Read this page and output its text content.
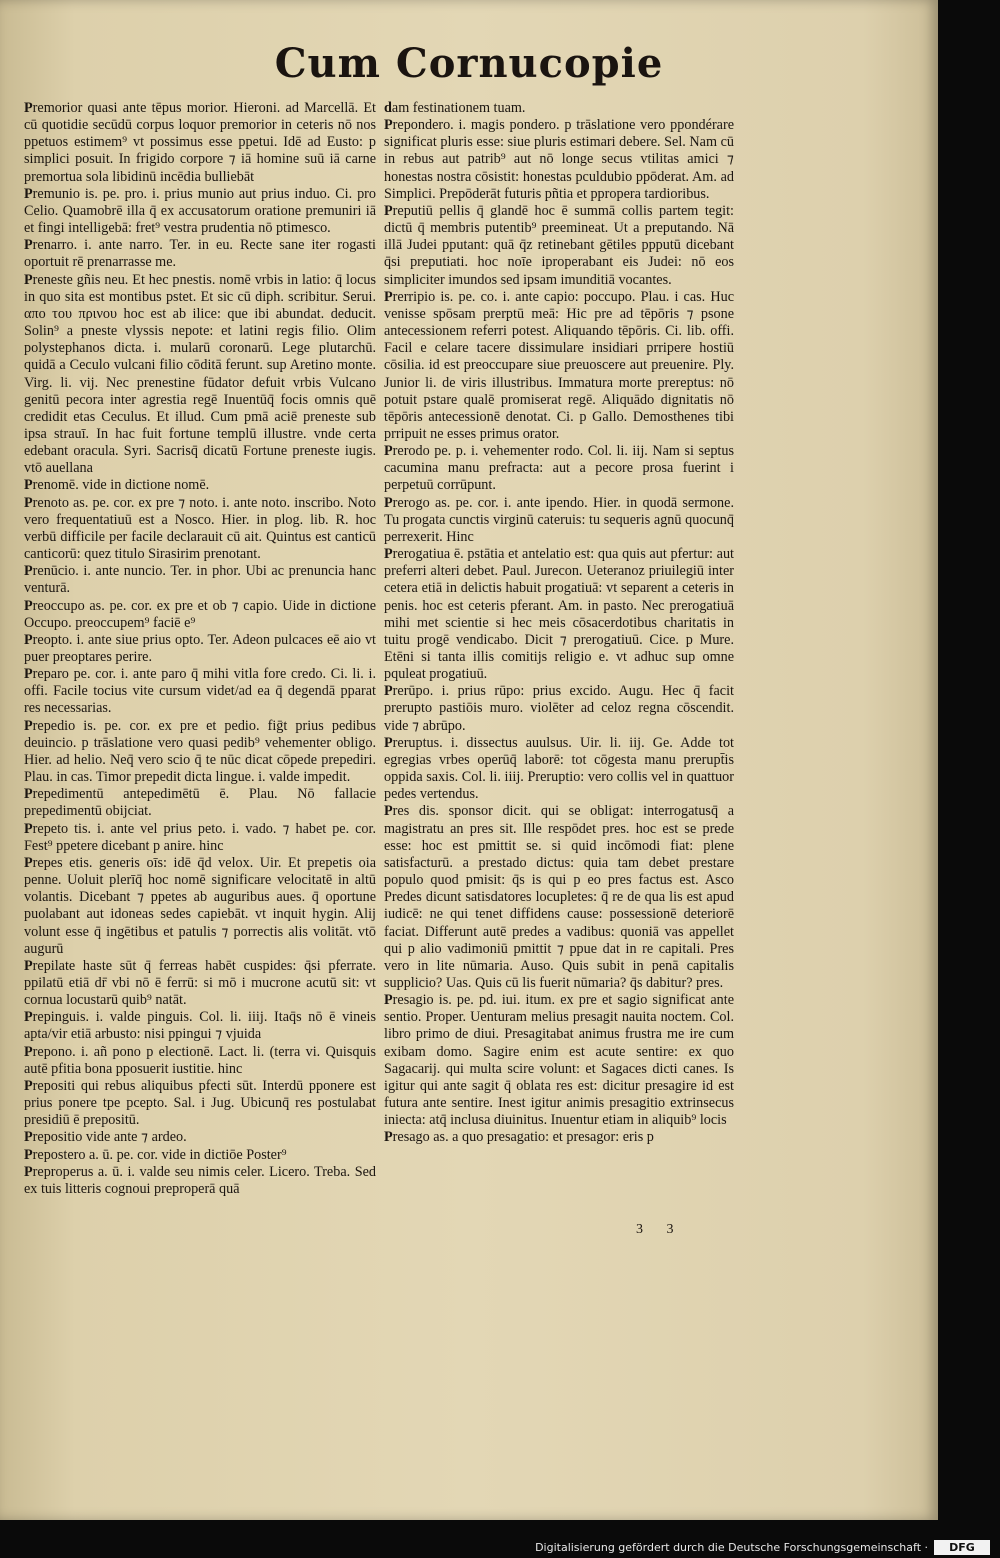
Cum Cornucopie

Premorior quasi ante tēpus morior. Hieroni. ad Marcellā. Et cū quotidie secūdū corpus loquor premorior in ceteris nō nos ppetuos estimem⁹ vt possimus esse ppetui. Idē ad Eusto: p simplici posuit. In frigido corpore ⁊ iā homine suū iā carne premortua sola libidinū incēdia bulliebāt

Premunio is. pe. pro. i. prius munio aut prius induo. Ci. pro Celio. Quamobrē illa q̄ ex accusatorum oratione premuniri iā et fingi intelligebā: fret⁹ vestra prudentia nō ptimesco.

Prenarro. i. ante narro. Ter. in eu. Recte sane iter rogasti oportuit rē prenarrasse me.

Preneste gñis neu. Et hec pnestis. nomē vrbis in latio: q̄ locus in quo sita est montibus pstet. Et sic cū diph. scribitur. Serui. απο του πρινου hoc est ab ilice: que ibi abundat. deducit. Solin⁹ a pneste vlyssis nepote: et latini regis filio. Olim polystephanos dicta. i. mularū coronarū. Lege plutarchū. quidā a Ceculo vulcani filio cōditā ferunt. sup Aretino monte. Virg. li. vij. Nec prenestine fūdator defuit vrbis Vulcano genitū pecora inter agrestia regē Inuentūq̄ focis omnis quē credidit etas Ceculus. Et illud. Cum pmā aciē preneste sub ipsa strauī. In hac fuit fortune templū illustre. vnde certa edebant oracula. Syri. Sacrisq̄ dicatū Fortune preneste iugis. vtō auellana

Prenomē. vide in dictione nomē.

Prenoto as. pe. cor. ex pre ⁊ noto. i. ante noto. inscribo. Noto vero frequentatiuū est a Nosco. Hier. in plog. lib. R. hoc verbū difficile per facile declarauit cū ait. Quintus est canticū canticorū: quez titulo Sirasirim prenotant.

Prenūcio. i. ante nuncio. Ter. in phor. Ubi ac prenuncia hanc venturā.

Preoccupo as. pe. cor. ex pre et ob ⁊ capio. Uide in dictione Occupo. preoccupem⁹ faciē e⁹

Preopto. i. ante siue prius opto. Ter. Adeon pulcaces eē aio vt puer preoptares perire.

Preparo pe. cor. i. ante paro q̄ mihi vitla fore credo. Ci. li. i. offi. Facile tocius vite cursum videt/ad ea q̄ degendā pparat res necessarias.

Prepedio is. pe. cor. ex pre et pedio. fiḡt prius pedibus deuincio. p trāslatione vero quasi pedib⁹ vehementer obligo. Hier. ad helio. Neq̄ vero scio q̄ te nūc dicat cōpede prepediri. Plau. in cas. Timor prepedit dicta lingue. i. valde impedit.

Prepedimentū antepedimētū ē. Plau. Nō fallacie prepedimentū obijciat.

Prepeto tis. i. ante vel prius peto. i. vado. ⁊ habet pe. cor. Fest⁹ ppetere dicebant p anire. hinc

Prepes etis. generis oīs: idē q̄d velox. Uir. Et prepetis oia penne. Uoluit plerīq̄ hoc nomē significare velocitatē in altū volantis. Dicebant ⁊ ppetes ab auguribus aues. q̄ oportune puolabant aut idoneas sedes capiebāt. vt inquit hygin. Alij volunt esse q̄ ingētibus et patulis ⁊ porrectis alis volitāt. vtō augurū

Prepilate haste sūt q̄ ferreas habēt cuspides: q̄si pferrate. ppilatū etiā dr̄ vbi nō ē ferrū: si mō i mucrone acutū sit: vt cornua locustarū quib⁹ natāt.

Prepinguis. i. valde pinguis. Col. li. iiij. Itaq̄s nō ē vineis apta/vir etiā arbusto: nisi ppingui ⁊ vjuida

Prepono. i. añ pono p electionē. Lact. li. (terra vi. Quisquis autē pfitia bona pposuerit iustitie. hinc

Prepositi qui rebus aliquibus pfecti sūt. Interdū pponere est prius ponere tpe pcepto. Sal. i Jug. Ubicunq̄ res postulabat presidiū ē prepositū.

Prepositio vide ante ⁊ ardeo.

Prepostero a. ū. pe. cor. vide in dictiōe Poster⁹

Preproperus a. ū. i. valde seu nimis celer. Licero. Treba. Sed ex tuis litteris cognoui preproperā quā

dam festinationem tuam.

Prepondero. i. magis pondero. p trāslatione vero ppondérare significat pluris esse: siue pluris estimari debere. Sel. Nam cū in rebus aut patrib⁹ aut nō longe secus vtilitas amici ⁊ honestas nostra cōsistit: honestas pculdubio ppōderat. Am. ad Simplici. Prepōderāt futuris pñtia et ppropera tardioribus.

Preputiū pellis q̄ glandē hoc ē summā collis partem tegit: dictū q̄ membris putentib⁹ preemineat. Ut a preputando. Nā illā Judei pputant: quā q̄z retinebant gētiles ppputū dicebant q̄si preputiati. hoc noīe iproperabant eis Judei: nō eos simpliciter imundos sed ipsam imunditiā vocantes.

Prerripio is. pe. co. i. ante capio: poccupo. Plau. i cas. Huc venisse spōsam prerptū meā: Hic pre ad tēpōris ⁊ psone antecessionem referri potest. Aliquando tēpōris. Ci. lib. offi. Facil e celare tacere dissimulare insidiari prripere hostiū cōsilia. id est preoccupare siue preuoscere aut preuenire. Ply. Junior li. de viris illustribus. Immatura morte prereptus: nō potuit pstare qualē promiserat regē. Aliquādo dignitatis nō tēpōris antecessionē denotat. Ci. p Gallo. Demosthenes tibi prripuit ne esses primus orator.

Prerodo pe. p. i. vehementer rodo. Col. li. iij. Nam si septus cacumina manu prefracta: aut a pecore prosa fuerint i perpetuū corrūpunt.

Prerogo as. pe. cor. i. ante ipendo. Hier. in quodā sermone. Tu progata cunctis virginū cateruis: tu sequeris agnū quocunq̄ perrexerit. Hinc

Prerogatiua ē. pstātia et antelatio est: qua quis aut pfertur: aut preferri alteri debet. Paul. Jurecon. Ueteranoz priuilegiū inter cetera etiā in delictis habuit progatiuā: vt separent a ceteris in penis. hoc est ceteris pferant. Am. in pasto. Nec prerogatiuā mihi met scientie si hec meis cōsacerdotibus charitatis in tuitu progē vendicabo. Dicit ⁊ prerogatiuū. Cice. p Mure. Etēni si tanta illis comitijs religio e. vt adhuc sup omne pquleat progatiuū.

Prerūpo. i. prius rūpo: prius excido. Augu. Hec q̄ facit prerupto pastiōis muro. violēter ad celoz regna cōscendit. vide ⁊ abrūpo.

Preruptus. i. dissectus auulsus. Uir. li. iij. Ge. Adde tot egregias vrbes operūq̄ laborē: tot cōgesta manu prerupt̄is oppida saxis. Col. li. iiij. Preruptio: vero collis vel in quattuor pedes vertendus.

Pres dis. sponsor dicit. qui se obligat: interrogatusq̄ a magistratu an pres sit. Ille respōdet pres. hoc est se prede esse: hoc est pmittit se. si quid incōmodi fiat: plene satisfacturū. a prestado dictus: quia tam debet prestare populo quod pmisit: q̄s is qui p eo pres factus est. Asco Predes dicunt satisdatores locupletes: q̄ re de qua lis est apud iudicē: ne qui tenet diffidens cause: possessionē deteriorē faciat. Differunt autē predes a vadibus: quoniā vas appellet qui p alio vadimoniū pmittit ⁊ ppue dat in re capitali. Pres vero in lite nūmaria. Auso. Quis subit in penā capitalis supplicio? Uas. Quis cū lis fuerit nūmaria? q̄s dabitur? pres.

Presagio is. pe. pd. iui. itum. ex pre et sagio significat ante sentio. Proper. Uenturam melius presagit nauita noctem. Col. libro primo de diui. Presagitabat animus frustra me ire cum exibam domo. Sagire enim est acute sentire: ex quo Sagacarij. qui multa scire volunt: et Sagaces dicti canes. Is igitur qui ante sagit q̄ oblata res est: dicitur presagire id est futura ante sentire. Inest igitur animis presagitio extrinsecus iniecta: atq̄ inclusa diuinitus. Inuentur etiam in aliquib⁹ locis

Presago as. a quo presagatio: et presagor: eris p

3 3
Digitalisierung gefördert durch die Deutsche Forschungsgemeinschaft ·	DFG
